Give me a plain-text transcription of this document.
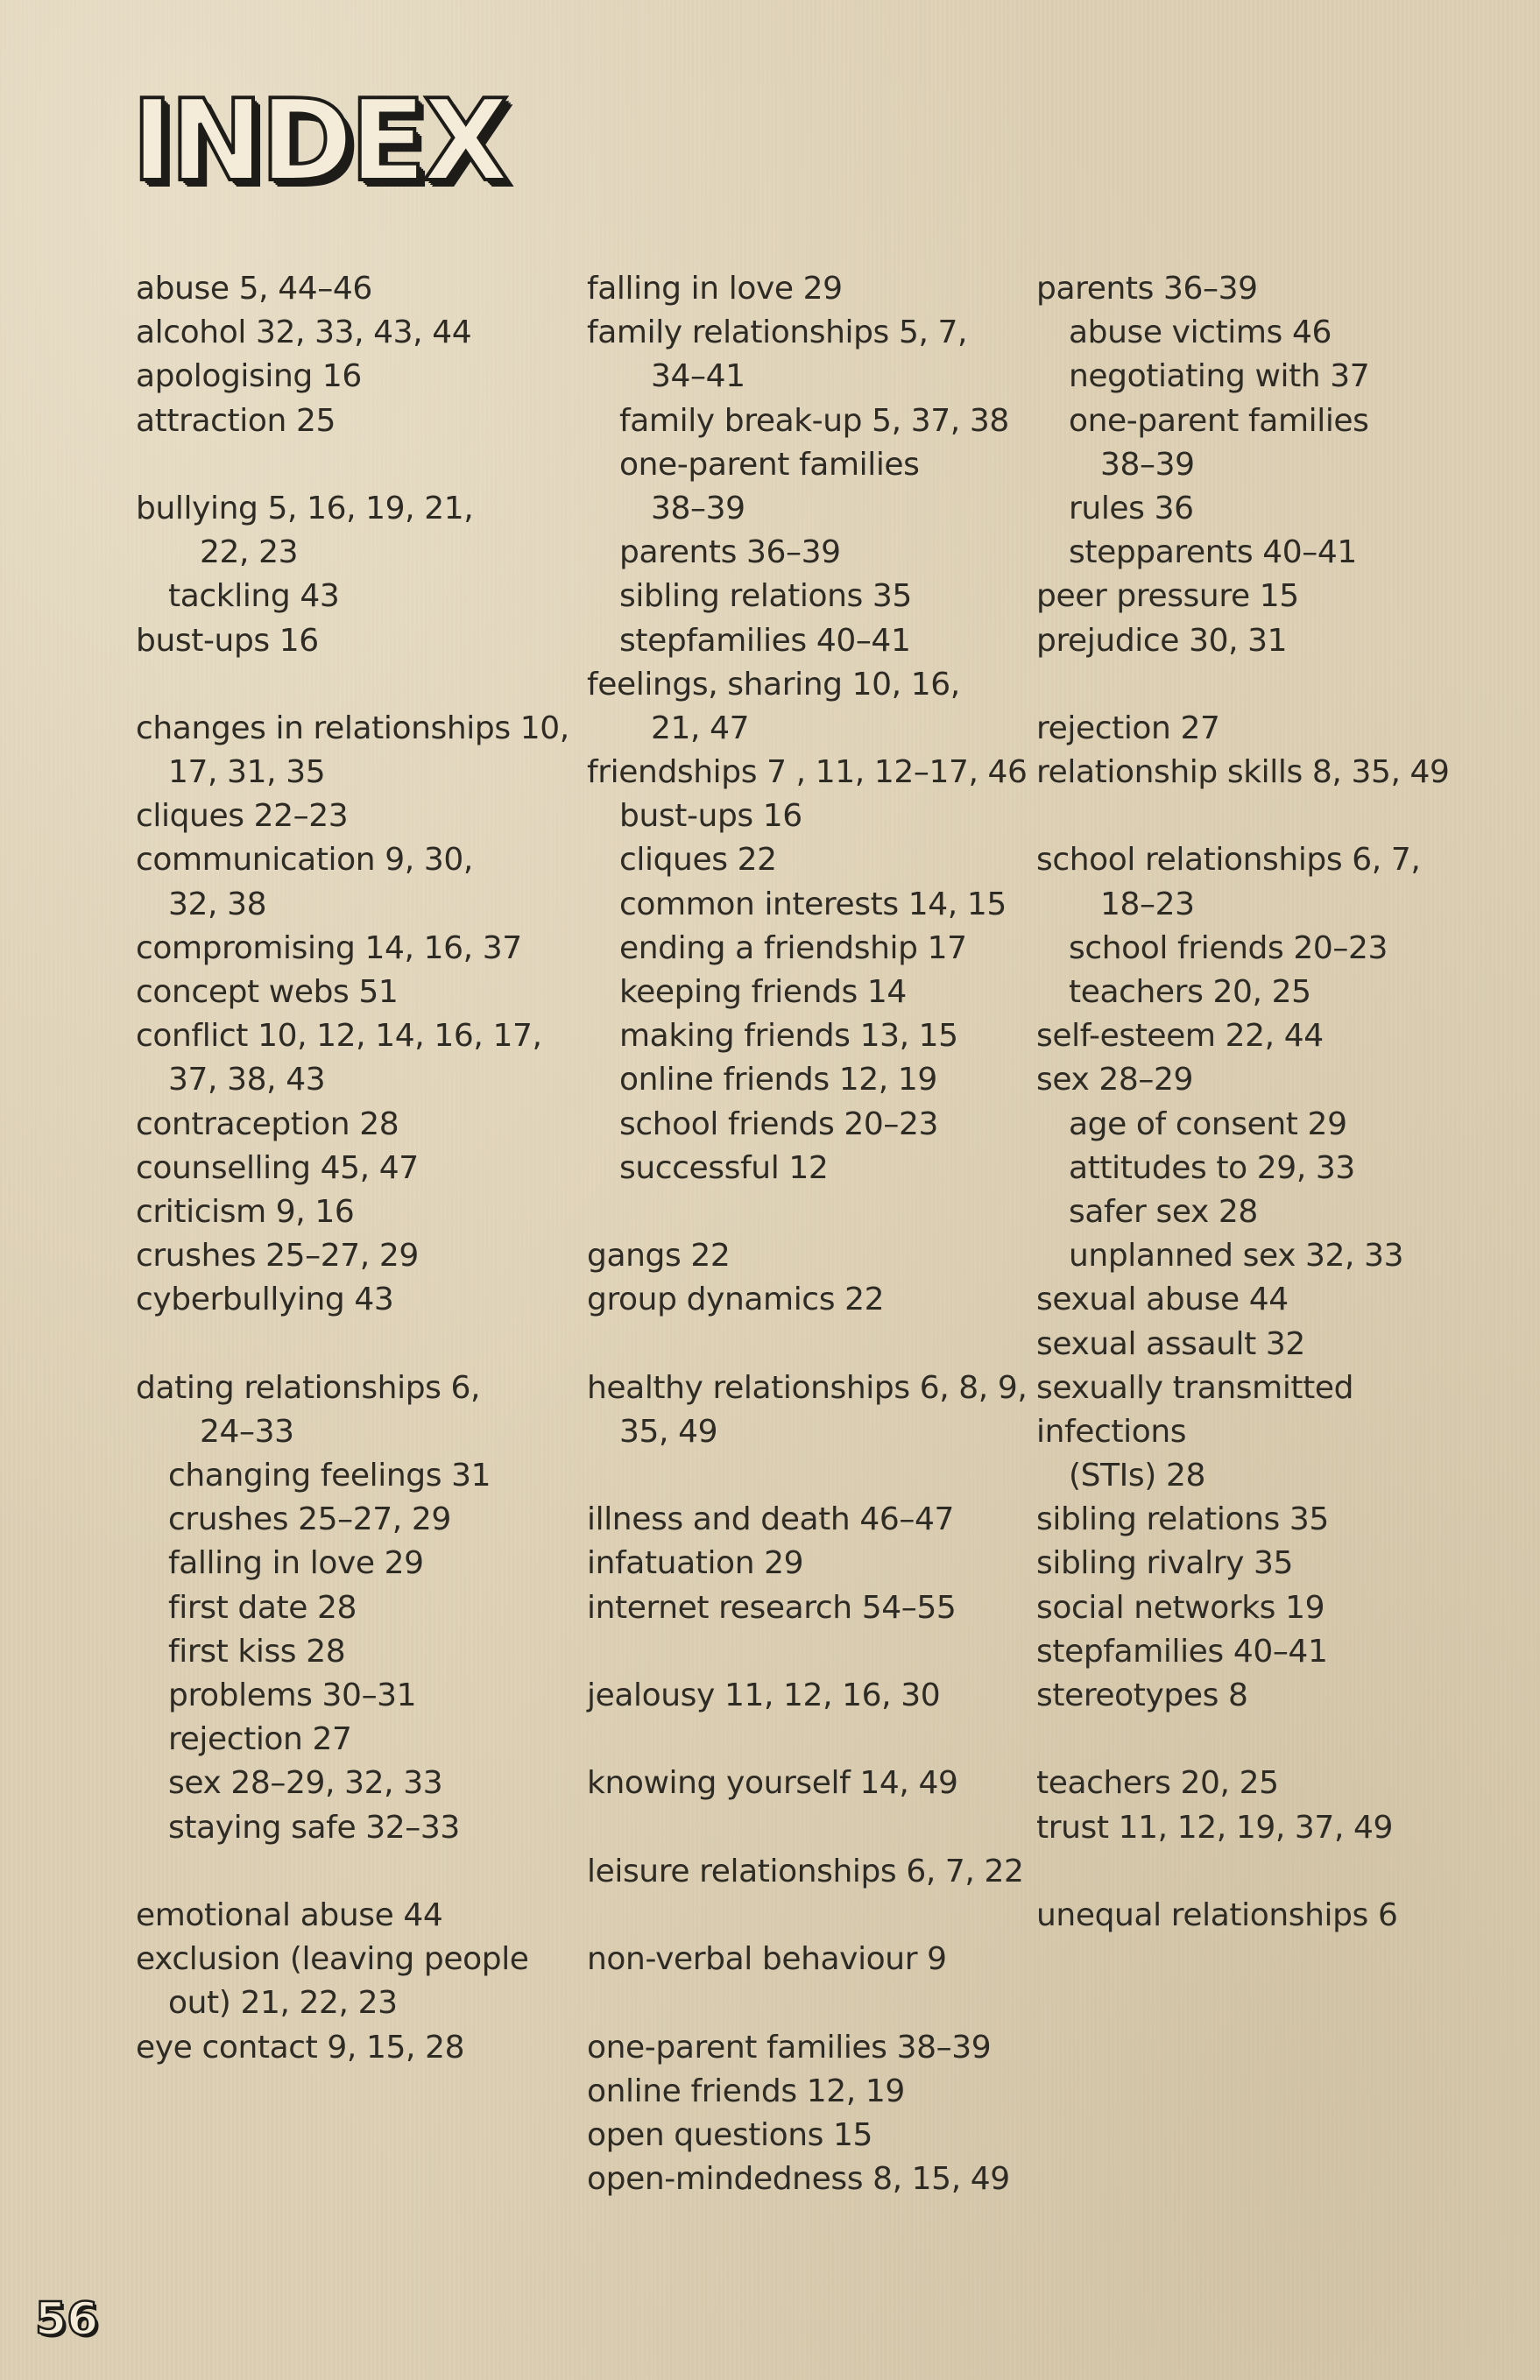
INDEX
abuse 5, 44–46
alcohol 32, 33, 43, 44
apologising 16
attraction 25
bullying 5, 16, 19, 21,
22, 23
tackling 43
bust-ups 16
changes in relationships 10,
17, 31, 35
cliques 22–23
communication 9, 30,
32, 38
compromising 14, 16, 37
concept webs 51
conflict 10, 12, 14, 16, 17,
37, 38, 43
contraception 28
counselling 45, 47
criticism 9, 16
crushes 25–27, 29
cyberbullying 43
dating relationships 6,
24–33
changing feelings 31
crushes 25–27, 29
falling in love 29
first date 28
first kiss 28
problems 30–31
rejection 27
sex 28–29, 32, 33
staying safe 32–33
emotional abuse 44
exclusion (leaving people
out) 21, 22, 23
eye contact 9, 15, 28
falling in love 29
family relationships 5, 7,
34–41
family break-up 5, 37, 38
one-parent families
38–39
parents 36–39
sibling relations 35
stepfamilies 40–41
feelings, sharing 10, 16,
21, 47
friendships 7 , 11, 12–17, 46
bust-ups 16
cliques 22
common interests 14, 15
ending a friendship 17
keeping friends 14
making friends 13, 15
online friends 12, 19
school friends 20–23
successful 12
gangs 22
group dynamics 22
healthy relationships 6, 8, 9,
35, 49
illness and death 46–47
infatuation 29
internet research 54–55
jealousy 11, 12, 16, 30
knowing yourself 14, 49
leisure relationships 6, 7, 22
non-verbal behaviour 9
one-parent families 38–39
online friends 12, 19
open questions 15
open-mindedness 8, 15, 49
parents 36–39
abuse victims 46
negotiating with 37
one-parent families
38–39
rules 36
stepparents 40–41
peer pressure 15
prejudice 30, 31
rejection 27
relationship skills 8, 35, 49
school relationships 6, 7,
18–23
school friends 20–23
teachers 20, 25
self-esteem 22, 44
sex 28–29
age of consent 29
attitudes to 29, 33
safer sex 28
unplanned sex 32, 33
sexual abuse 44
sexual assault 32
sexually transmitted
infections
(STIs) 28
sibling relations 35
sibling rivalry 35
social networks 19
stepfamilies 40–41
stereotypes 8
teachers 20, 25
trust 11, 12, 19, 37, 49
unequal relationships 6
56
